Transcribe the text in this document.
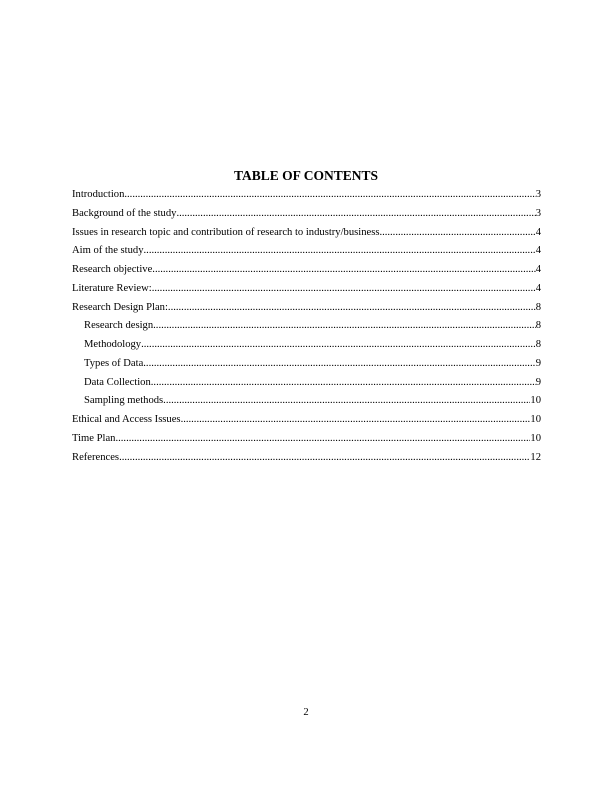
TABLE OF CONTENTS
Introduction .....	3
Background of the study .....	3
Issues in research topic and contribution of research to industry/business .....	4
Aim of the study .....	4
Research objective .....	4
Literature Review: .....	4
Research Design Plan: .....	8
Research design .....	8
Methodology .....	8
Types of Data .....	9
Data Collection .....	9
Sampling methods .....	10
Ethical and Access Issues .....	10
Time Plan .....	10
References .....	12
2
